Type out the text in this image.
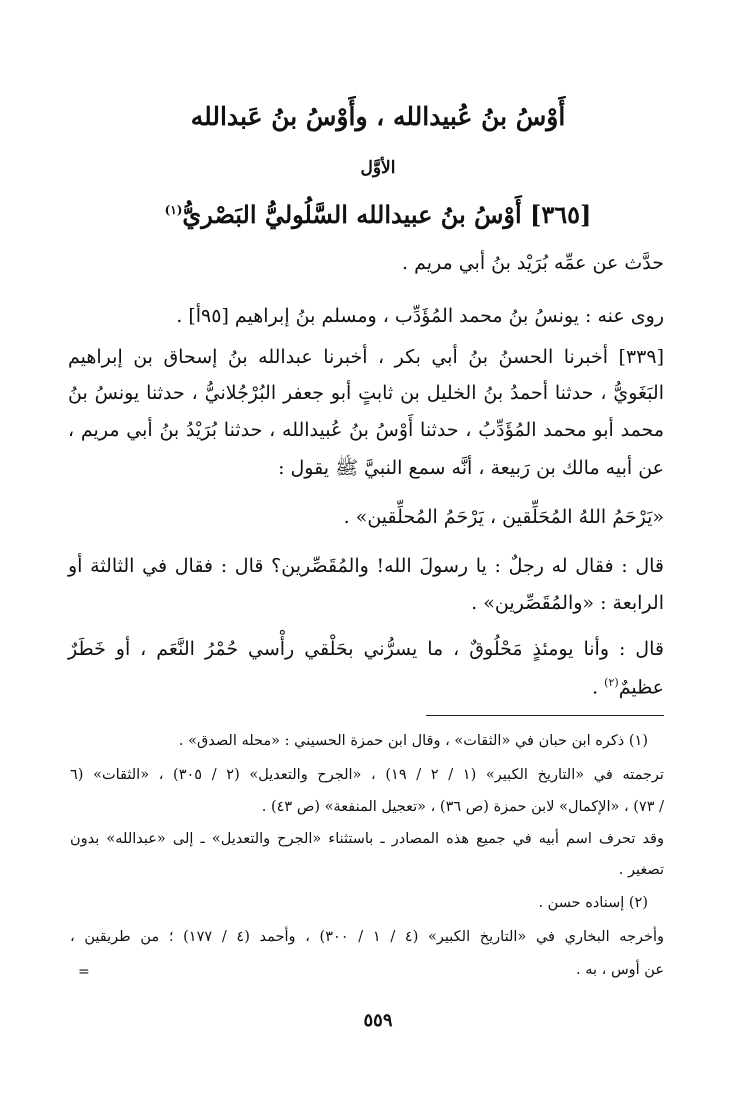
أَوْسُ بنُ عُبيدالله ، وأَوْسُ بنُ عَبدالله
الأوَّل
[٣٦٥] أَوْسُ بنُ عبيدالله السَّلُوليُّ البَصْريُّ$^{(١)}$
حدَّث عن عمِّه بُرَيْد بنُ أبي مريم .
روى عنه : يونسُ بنُ محمد المُؤَدِّب ، ومسلم بنُ إبراهيم [٩٥أ] .
[٣٣٩] أخبرنا الحسنُ بنُ أبي بكر ، أخبرنا عبدالله بنُ إسحاق بن إبراهيم
البَغَويُّ ، حدثنا أحمدُ بنُ الخليل بن ثابتٍ أبو جعفر البُرْجُلانيُّ ، حدثنا يونسُ بنُ
محمد أبو محمد المُؤَدِّبُ ، حدثنا أَوْسُ بنُ عُبيدالله ، حدثنا بُرَيْدُ بنُ أبي مريم ،
عن أبيه مالك بن رَبيعة ، أنَّه سمع النبيَّ ﷺ يقول :
«يَرْحَمُ اللهُ المُحَلِّقين ، يَرْحَمُ المُحلِّقين» .
قال : فقال له رجلٌ : يا رسولَ الله! والمُقَصِّرين؟ قال : فقال في الثالثة أو
الرابعة : «والمُقَصِّرين» .
قال : وأنا يومئذٍ مَحْلُوقٌ ، ما يسرُّني بحَلْقي رأْسي حُمْرُ النَّعَم ، أو خَطَرٌ
عظيمٌ$^{(٢)}$ .
(١) ذكره ابن حبان في «الثقات» ، وقال ابن حمزة الحسيني : «محله الصدق» .
ترجمته في «التاريخ الكبير» (١ / ٢ / ١٩) ، «الجرح والتعديل» (٢ / ٣٠٥) ، «الثقات» (٦
/ ٧٣) ، «الإكمال» لابن حمزة (ص ٣٦) ، «تعجيل المنفعة» (ص ٤٣) .
وقد تحرف اسم أبيه في جميع هذه المصادر ـ باستثناء «الجرح والتعديل» ـ إلى «عبدالله» بدون
تصغير .
(٢) إسناده حسن .
وأخرجه البخاري في «التاريخ الكبير» (٤ / ١ / ٣٠٠) ، وأحمد (٤ / ١٧٧) ؛ من طريقين ،
عن أوس ، به .
=
٥٥٩
